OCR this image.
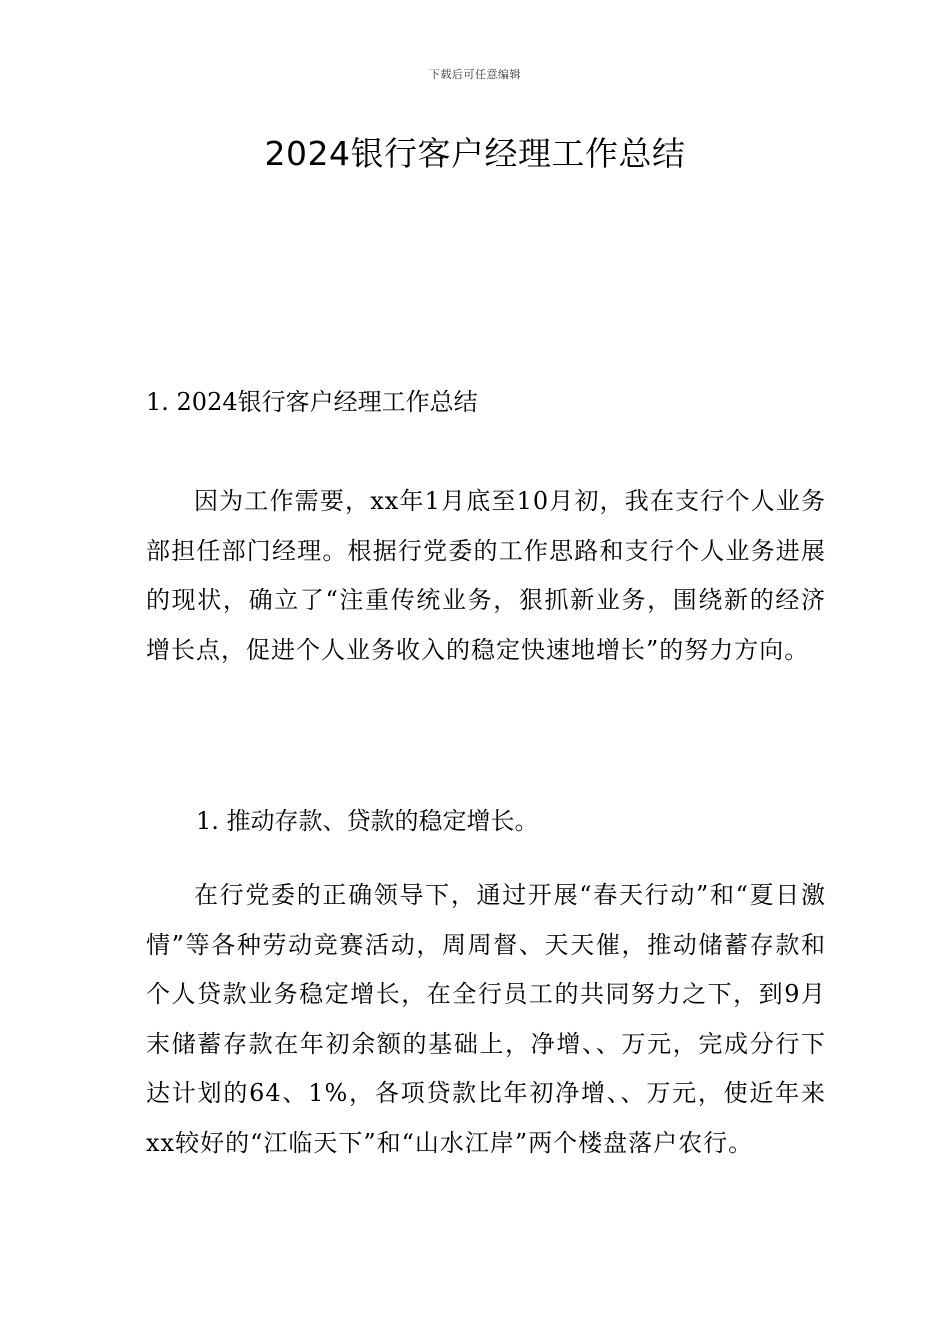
下载后可任意编辑
2024银行客户经理工作总结
1. 2024银行客户经理工作总结

因为工作需要，xx年1月底至10月初，我在支行个人业务部担任部门经理。根据行党委的工作思路和支行个人业务进展的现状，确立了“注重传统业务，狠抓新业务，围绕新的经济增长点，促进个人业务收入的稳定快速地增长”的努力方向。

1. 推动存款、贷款的稳定增长。

在行党委的正确领导下，通过开展“春天行动”和“夏日激情”等各种劳动竞赛活动，周周督、天天催，推动储蓄存款和个人贷款业务稳定增长，在全行员工的共同努力之下，到9月末储蓄存款在年初余额的基础上，净增、、万元，完成分行下达计划的64、1%，各项贷款比年初净增、、万元，使近年来xx较好的“江临天下”和“山水江岸”两个楼盘落户农行。
